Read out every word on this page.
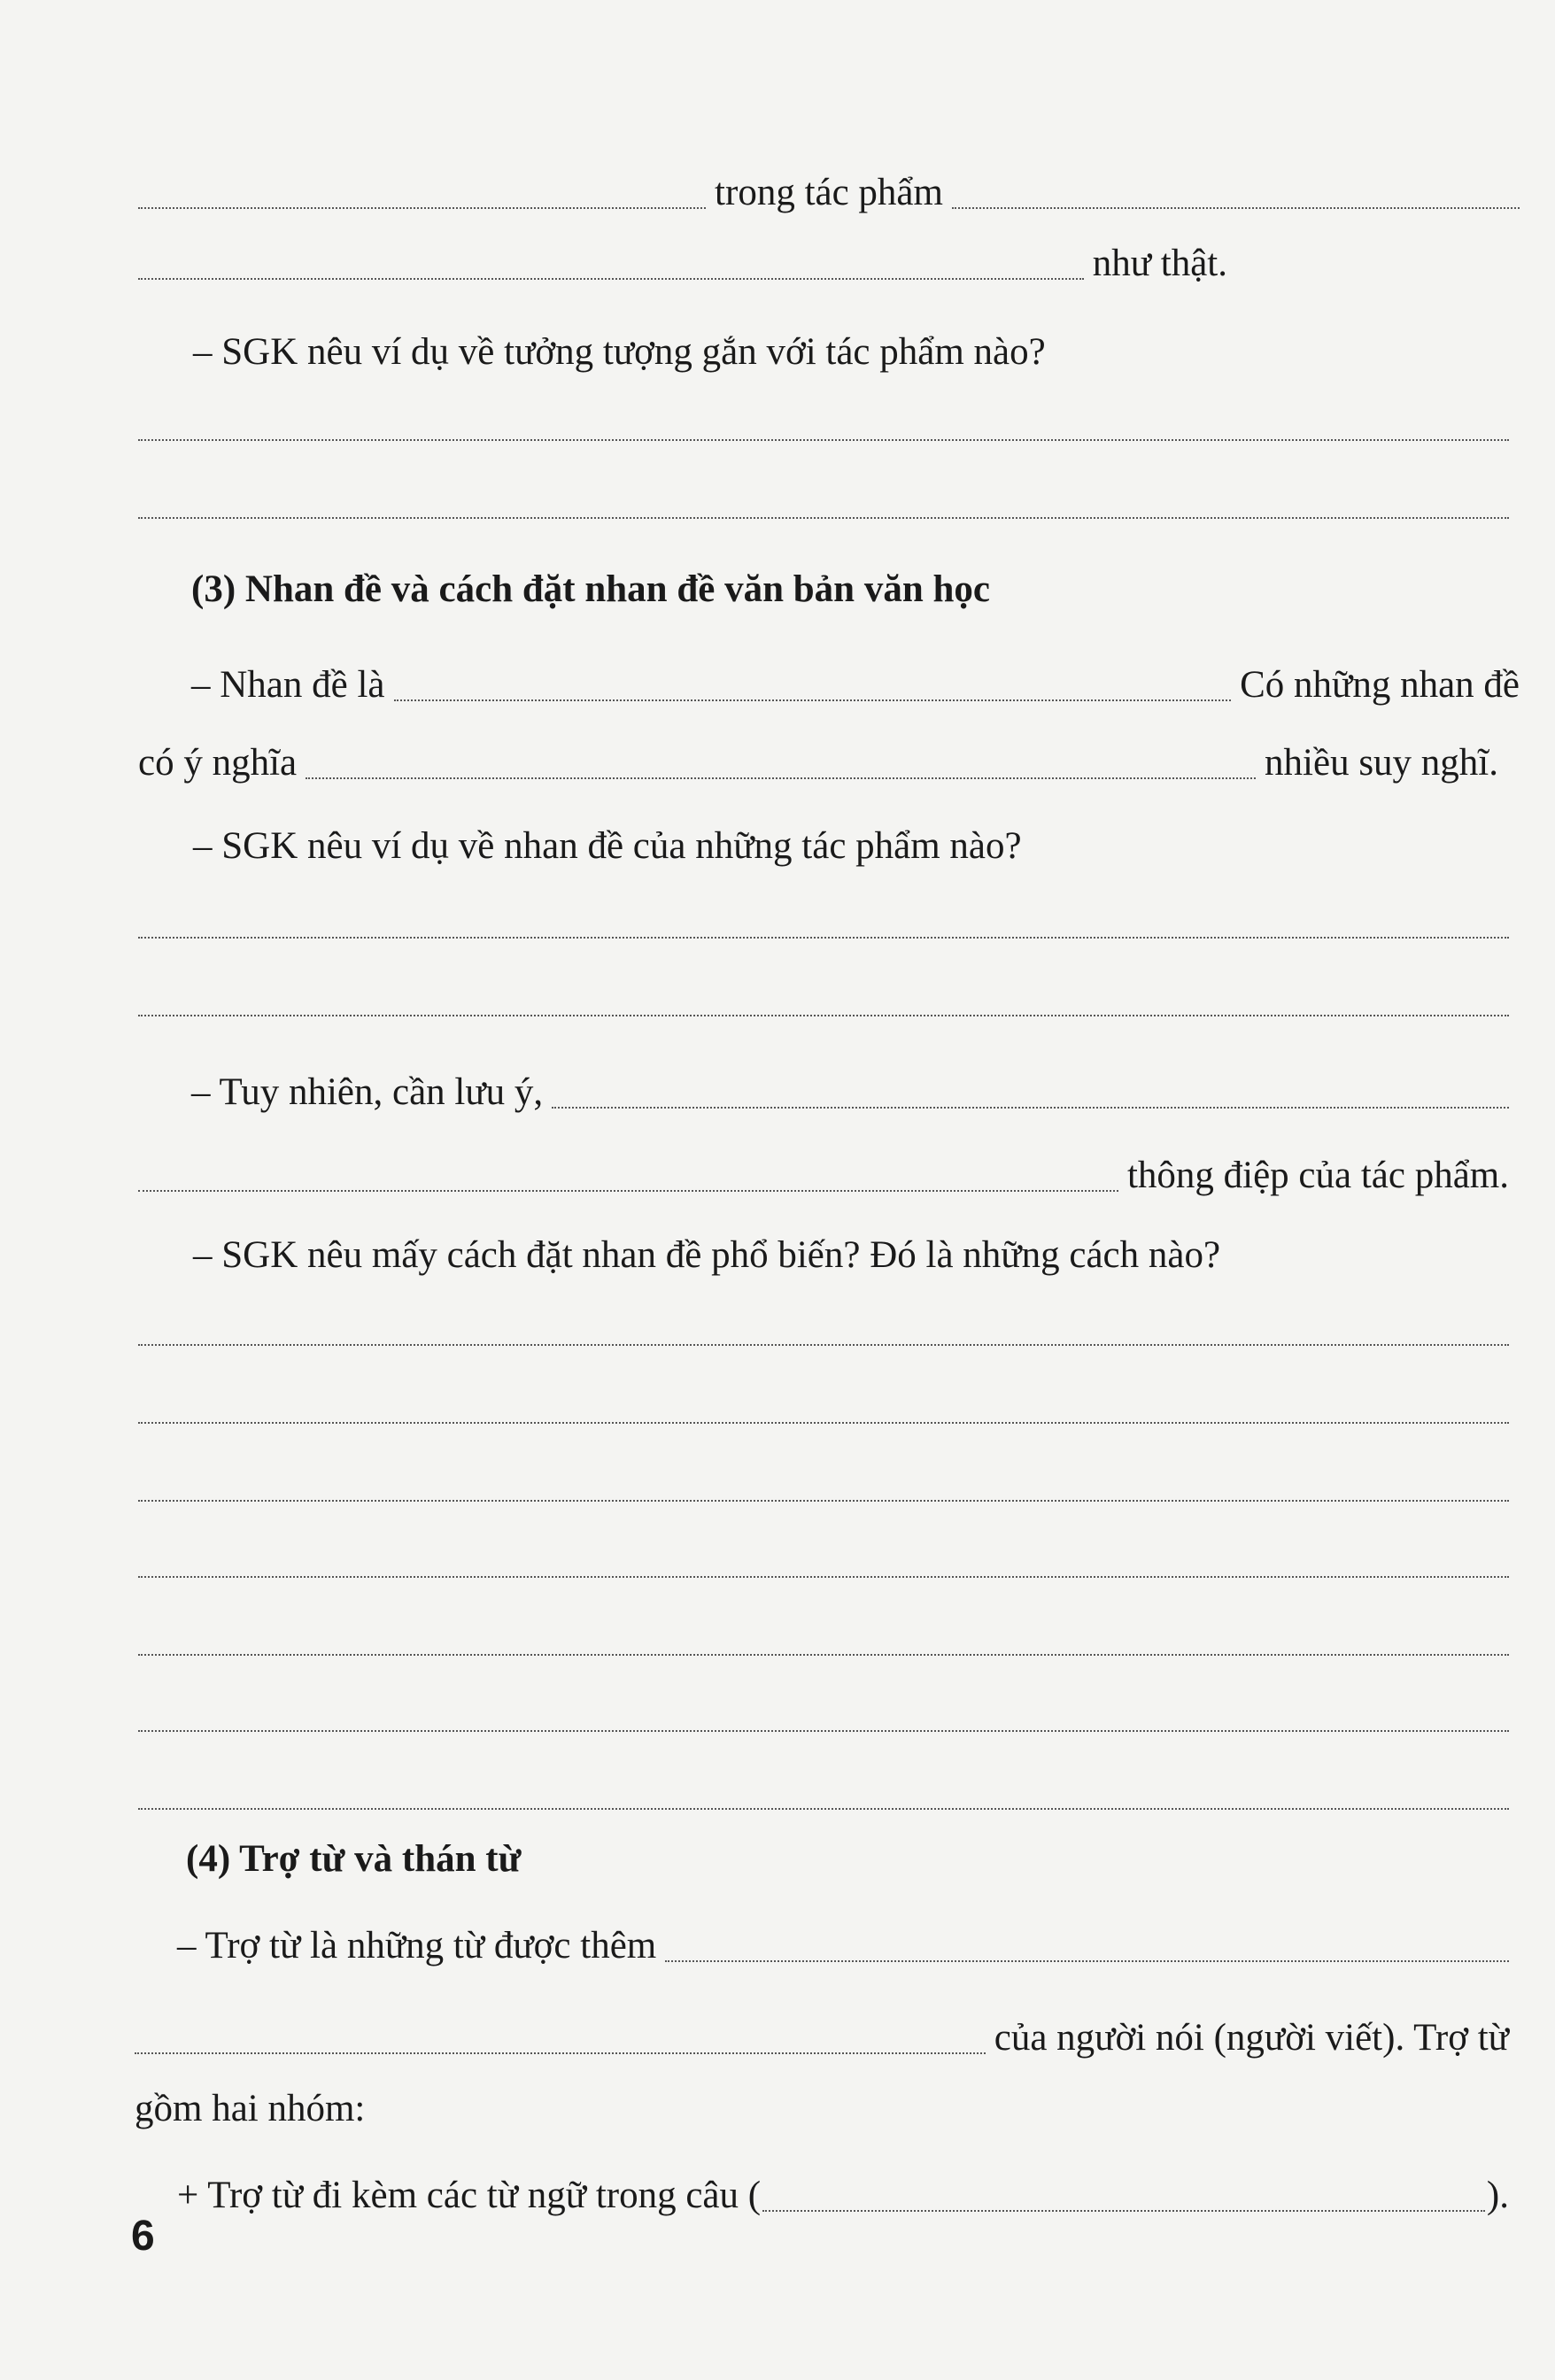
trong tác phẩm
như thật.
– SGK nêu ví dụ về tưởng tượng gắn với tác phẩm nào?
(3) Nhan đề và cách đặt nhan đề văn bản văn học
– Nhan đề là	Có những nhan đề
có ý nghĩa	nhiều suy nghĩ.
– SGK nêu ví dụ về nhan đề của những tác phẩm nào?
– Tuy nhiên, cần lưu ý,
thông điệp của tác phẩm.
– SGK nêu mấy cách đặt nhan đề phổ biến? Đó là những cách nào?
(4) Trợ từ và thán từ
– Trợ từ là những từ được thêm
của người nói (người viết). Trợ từ
gồm hai nhóm:
+ Trợ từ đi kèm các từ ngữ trong câu (	).
6
